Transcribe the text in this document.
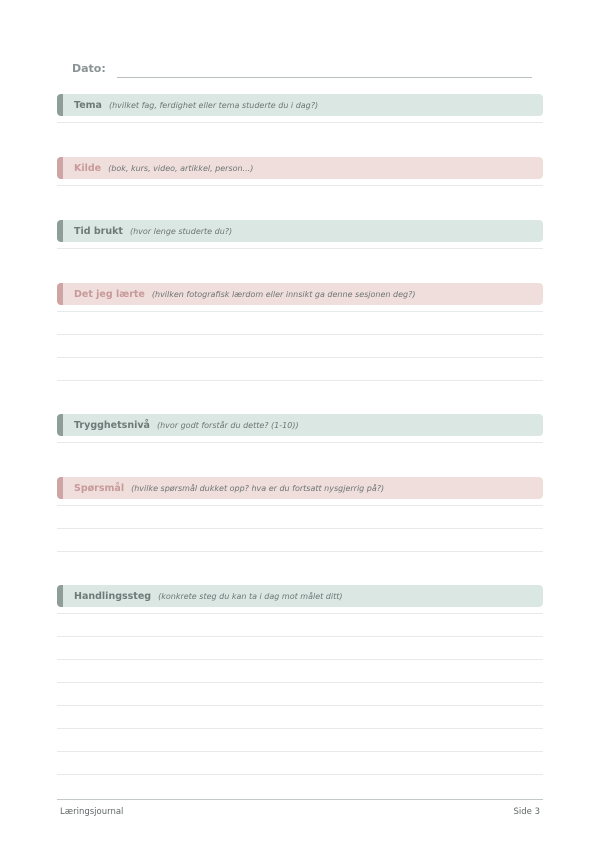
Dato:
Tema (hvilket fag, ferdighet eller tema studerte du i dag?)
Kilde (bok, kurs, video, artikkel, person...)
Tid brukt (hvor lenge studerte du?)
Det jeg lærte (hvilken fotografisk lærdom eller innsikt ga denne sesjonen deg?)
Trygghetsnivå (hvor godt forstår du dette? (1-10))
Spørsmål (hvilke spørsmål dukket opp? hva er du fortsatt nysgjerrig på?)
Handlingssteg (konkrete steg du kan ta i dag mot målet ditt)
Læringsjournal	Side 3
